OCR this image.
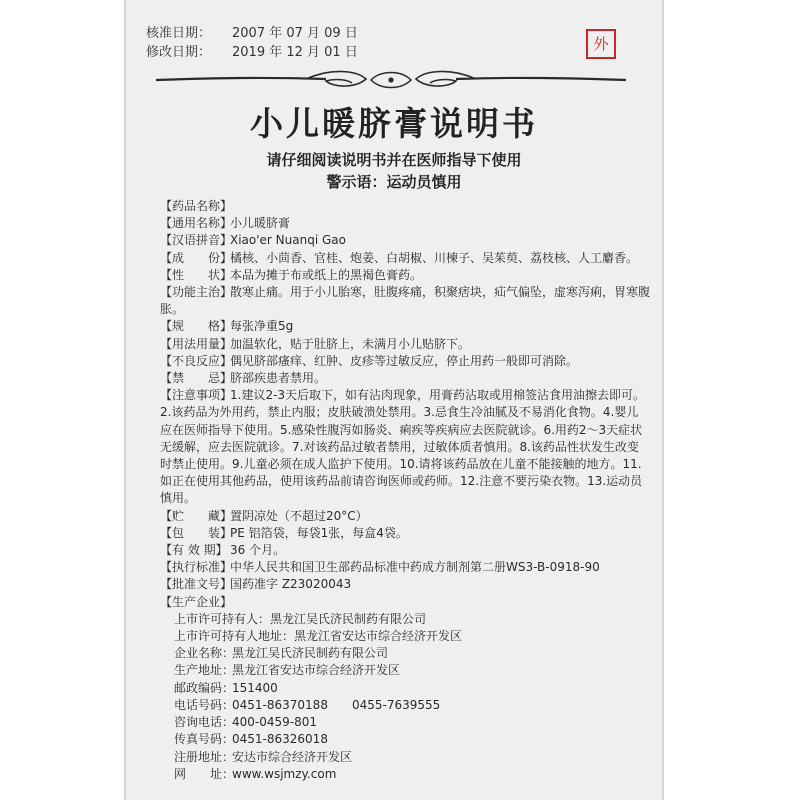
核准日期： 2007 年 07 月 09 日
修改日期： 2019 年 12 月 01 日	外
小儿暖脐膏说明书
请仔细阅读说明书并在医师指导下使用
警示语：运动员慎用
【药品名称】
【通用名称】小儿暖脐膏
【汉语拼音】Xiao'er Nuanqi Gao
【成　　份】橘核、小茴香、官桂、炮姜、白胡椒、川楝子、吴茱萸、荔枝核、人工麝香。
【性　　状】本品为摊于布或纸上的黑褐色膏药。
【功能主治】散寒止痛。用于小儿胎寒，肚腹疼痛，积聚痞块，疝气偏坠，虚寒泻痢，胃寒腹胀。
【规　　格】每张净重5g
【用法用量】加温软化，贴于肚脐上，未满月小儿贴脐下。
【不良反应】偶见脐部瘙痒、红肿、皮疹等过敏反应，停止用药一般即可消除。
【禁　　忌】脐部疾患者禁用。
【注意事项】1.建议2-3天后取下，如有沾肉现象，用膏药沾取或用棉签沾食用油擦去即可。2.该药品为外用药，禁止内服；皮肤破溃处禁用。3.忌食生冷油腻及不易消化食物。4.婴儿应在医师指导下使用。5.感染性腹泻如肠炎、痢疾等疾病应去医院就诊。6.用药2～3天症状无缓解，应去医院就诊。7.对该药品过敏者禁用，过敏体质者慎用。8.该药品性状发生改变时禁止使用。9.儿童必须在成人监护下使用。10.请将该药品放在儿童不能接触的地方。11.如正在使用其他药品，使用该药品前请咨询医师或药师。12.注意不要污染衣物。13.运动员慎用。
【贮　　藏】置阴凉处（不超过20°C）
【包　　装】PE 铝箔袋，每袋1张，每盒4袋。
【有 效 期】 36 个月。
【执行标准】中华人民共和国卫生部药品标准中药成方制剂第二册WS3-B-0918-90
【批准文号】国药准字 Z23020043
【生产企业】
上市许可持有人：黑龙江吴氏济民制药有限公司
上市许可持有人地址：黑龙江省安达市综合经济开发区
企业名称：黑龙江吴氏济民制药有限公司
生产地址：黑龙江省安达市综合经济开发区
邮政编码：151400
电话号码：0451-86370188　　0455-7639555
咨询电话：400-0459-801
传真号码：0451-86326018
注册地址：安达市综合经济开发区
网　　址：www.wsjmzy.com
